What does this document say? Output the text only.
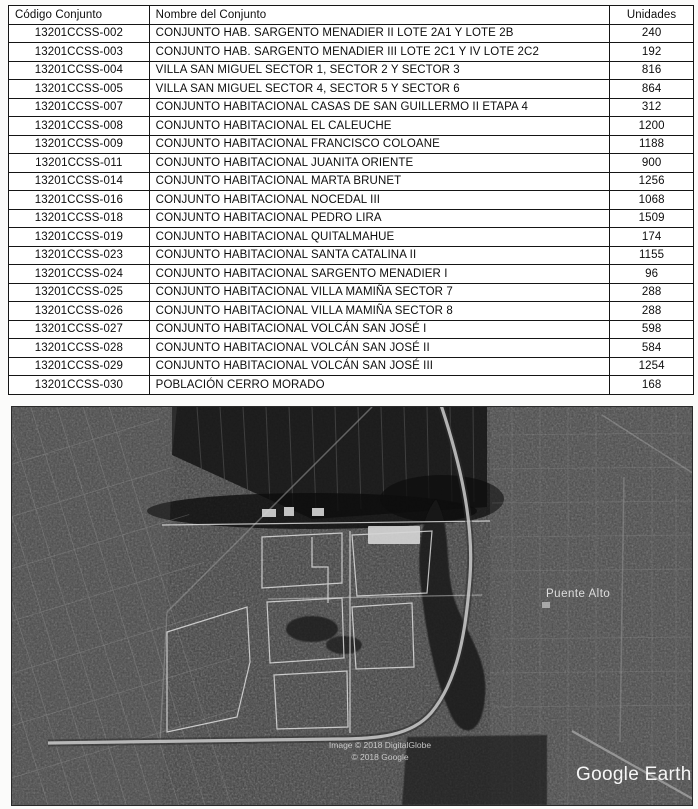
Código Conjunto	Nombre del Conjunto	Unidades
13201CCSS-002	CONJUNTO HAB. SARGENTO MENADIER II LOTE 2A1 Y LOTE 2B	240
13201CCSS-003	CONJUNTO HAB. SARGENTO MENADIER III LOTE 2C1 Y IV LOTE 2C2	192
13201CCSS-004	VILLA SAN MIGUEL SECTOR 1, SECTOR 2 Y SECTOR 3	816
13201CCSS-005	VILLA SAN MIGUEL SECTOR 4, SECTOR 5 Y SECTOR 6	864
13201CCSS-007	CONJUNTO HABITACIONAL CASAS DE SAN GUILLERMO II ETAPA 4	312
13201CCSS-008	CONJUNTO HABITACIONAL EL CALEUCHE	1200
13201CCSS-009	CONJUNTO HABITACIONAL FRANCISCO COLOANE	1188
13201CCSS-011	CONJUNTO HABITACIONAL JUANITA ORIENTE	900
13201CCSS-014	CONJUNTO HABITACIONAL MARTA BRUNET	1256
13201CCSS-016	CONJUNTO HABITACIONAL NOCEDAL III	1068
13201CCSS-018	CONJUNTO HABITACIONAL PEDRO LIRA	1509
13201CCSS-019	CONJUNTO HABITACIONAL QUITALMAHUE	174
13201CCSS-023	CONJUNTO HABITACIONAL SANTA CATALINA II	1155
13201CCSS-024	CONJUNTO HABITACIONAL SARGENTO MENADIER I	96
13201CCSS-025	CONJUNTO HABITACIONAL VILLA MAMIÑA SECTOR 7	288
13201CCSS-026	CONJUNTO HABITACIONAL VILLA MAMIÑA SECTOR 8	288
13201CCSS-027	CONJUNTO HABITACIONAL VOLCÁN SAN JOSÉ I	598
13201CCSS-028	CONJUNTO HABITACIONAL VOLCÁN SAN JOSÉ II	584
13201CCSS-029	CONJUNTO HABITACIONAL VOLCÁN SAN JOSÉ III	1254
13201CCSS-030	POBLACIÓN CERRO MORADO	168
Puente Alto
Image © 2018 DigitalGlobe
© 2018 Google
Google Earth
